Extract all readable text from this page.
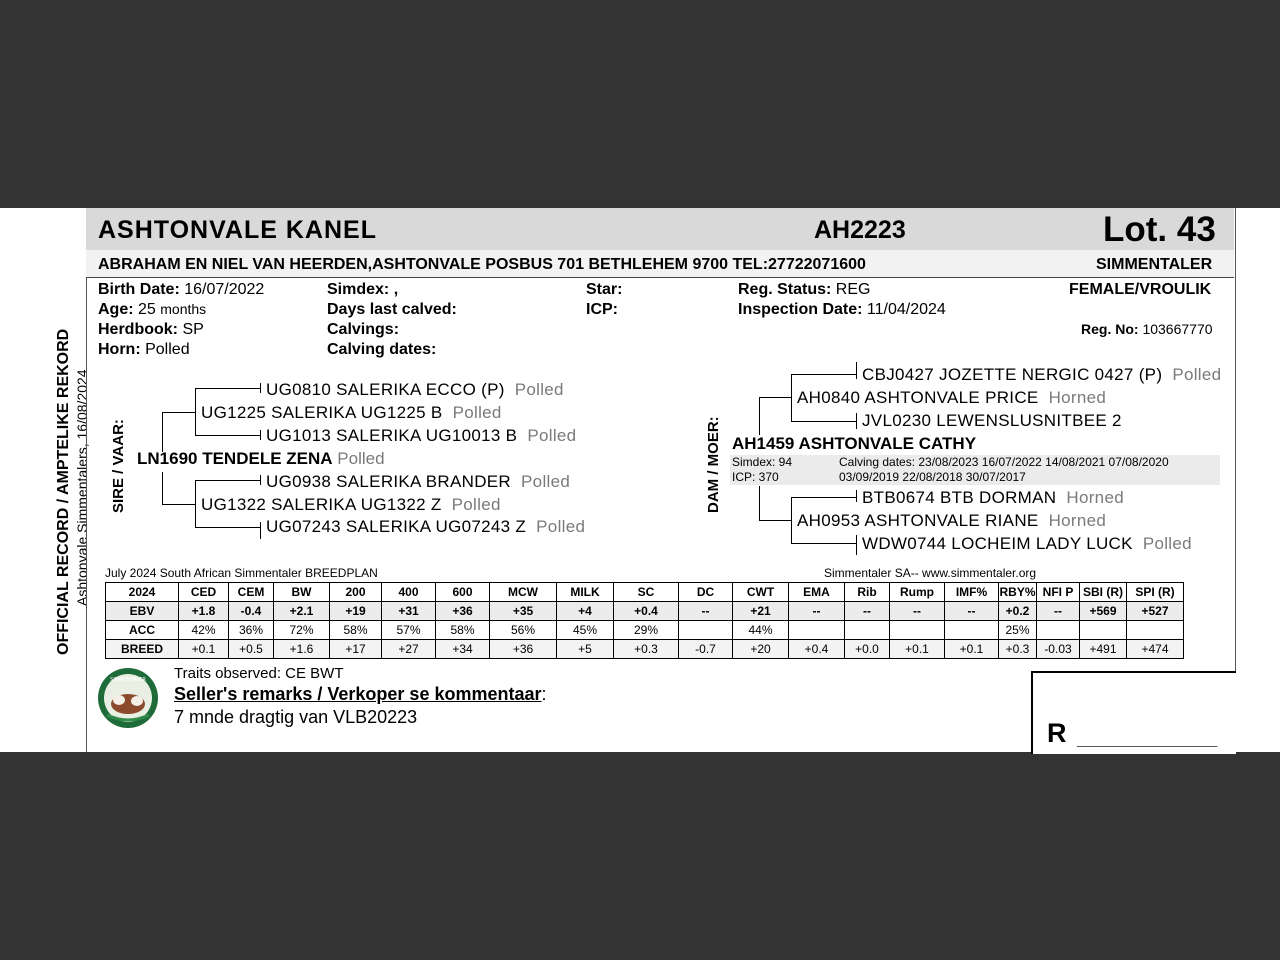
OFFICIAL RECORD / AMPTELIKE REKORD Ashtonvale Simmentalers, 16/08/2024
ASHTONVALE KANEL	AH2223	Lot. 43
ABRAHAM EN NIEL VAN HEERDEN,ASHTONVALE POSBUS 701 BETHLEHEM 9700 TEL:27722071600	SIMMENTALER
Birth Date: 16/07/2022
Age: 25 months
Herdbook: SP
Horn: Polled
Simdex: ,
Days last calved:
Calvings:
Calving dates:
Star:
ICP:
Reg. Status: REG
Inspection Date: 11/04/2024
FEMALE/VROULIK
Reg. No: 103667770
SIRE / VAAR:
UG0810 SALERIKA ECCO (P) Polled
UG1225 SALERIKA UG1225 B Polled
UG1013 SALERIKA UG10013 B Polled
LN1690 TENDELE ZENA Polled
UG0938 SALERIKA BRANDER Polled
UG1322 SALERIKA UG1322 Z Polled
UG07243 SALERIKA UG07243 Z Polled
DAM / MOER:
CBJ0427 JOZETTE NERGIC 0427 (P) Polled
AH0840 ASHTONVALE PRICE Horned
JVL0230 LEWENSLUSNITBEE 2
AH1459 ASHTONVALE CATHY
Simdex: 94
ICP: 370
Calving dates: 23/08/2023 16/07/2022 14/08/2021 07/08/2020
03/09/2019 22/08/2018 30/07/2017
BTB0674 BTB DORMAN Horned
AH0953 ASHTONVALE RIANE Horned
WDW0744 LOCHEIM LADY LUCK Polled
July 2024 South African Simmentaler BREEDPLAN	Simmentaler SA-- www.simmentaler.org
2024	CED	CEM	BW	200	400	600	MCW	MILK	SC	DC	CWT	EMA	Rib	Rump	IMF%	RBY%	NFI P	SBI (R)	SPI (R)
EBV	+1.8	-0.4	+2.1	+19	+31	+36	+35	+4	+0.4	--	+21	--	--	--	--	+0.2	--	+569	+527
ACC	42%	36%	72%	58%	57%	58%	56%	45%	29%		44%					25%			
BREED	+0.1	+0.5	+1.6	+17	+27	+34	+36	+5	+0.3	-0.7	+20	+0.4	+0.0	+0.1	+0.1	+0.3	-0.03	+491	+474
SIMMENTALER Traits observed: CE BWT
Seller's remarks / Verkoper se kommentaar:
7 mnde dragtig van VLB20223
R __________________
